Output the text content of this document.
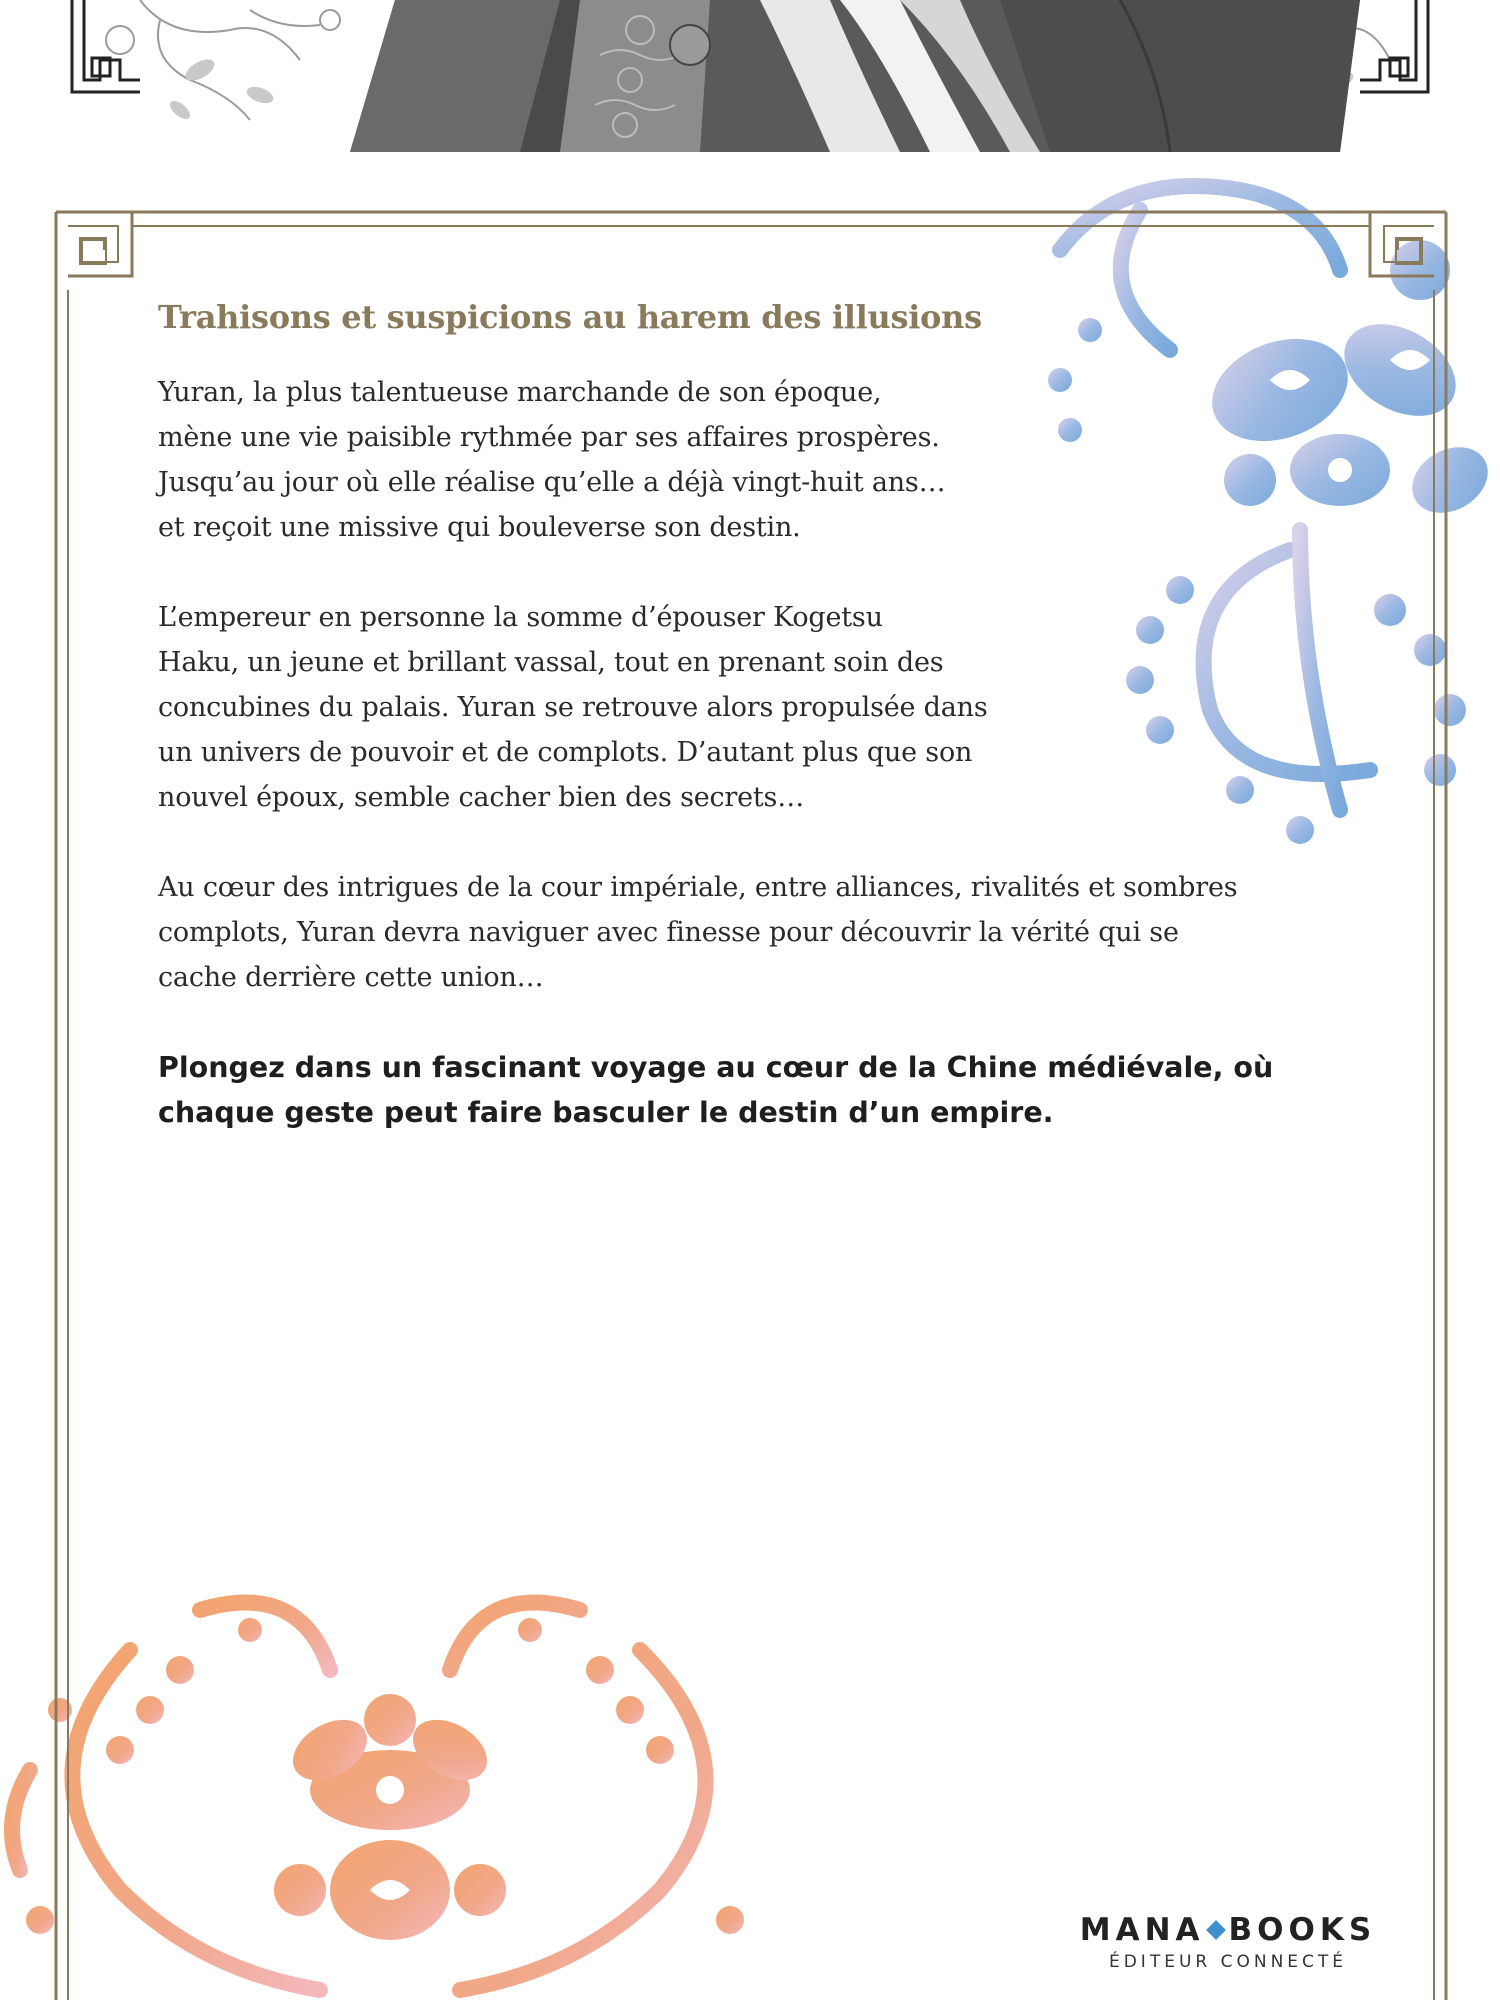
Trahisons et suspicions au harem des illusions

Yuran, la plus talentueuse marchande de son époque,
mène une vie paisible rythmée par ses affaires prospères.
Jusqu’au jour où elle réalise qu’elle a déjà vingt-huit ans…
et reçoit une missive qui bouleverse son destin.

L’empereur en personne la somme d’épouser Kogetsu
Haku, un jeune et brillant vassal, tout en prenant soin des
concubines du palais. Yuran se retrouve alors propulsée dans
un univers de pouvoir et de complots. D’autant plus que son
nouvel époux, semble cacher bien des secrets…

Au cœur des intrigues de la cour impériale, entre alliances, rivalités et sombres
complots, Yuran devra naviguer avec finesse pour découvrir la vérité qui se
cache derrière cette union…

Plongez dans un fascinant voyage au cœur de la Chine médiévale, où
chaque geste peut faire basculer le destin d’un empire.

MANA BOOKS
ÉDITEUR CONNECTÉ
